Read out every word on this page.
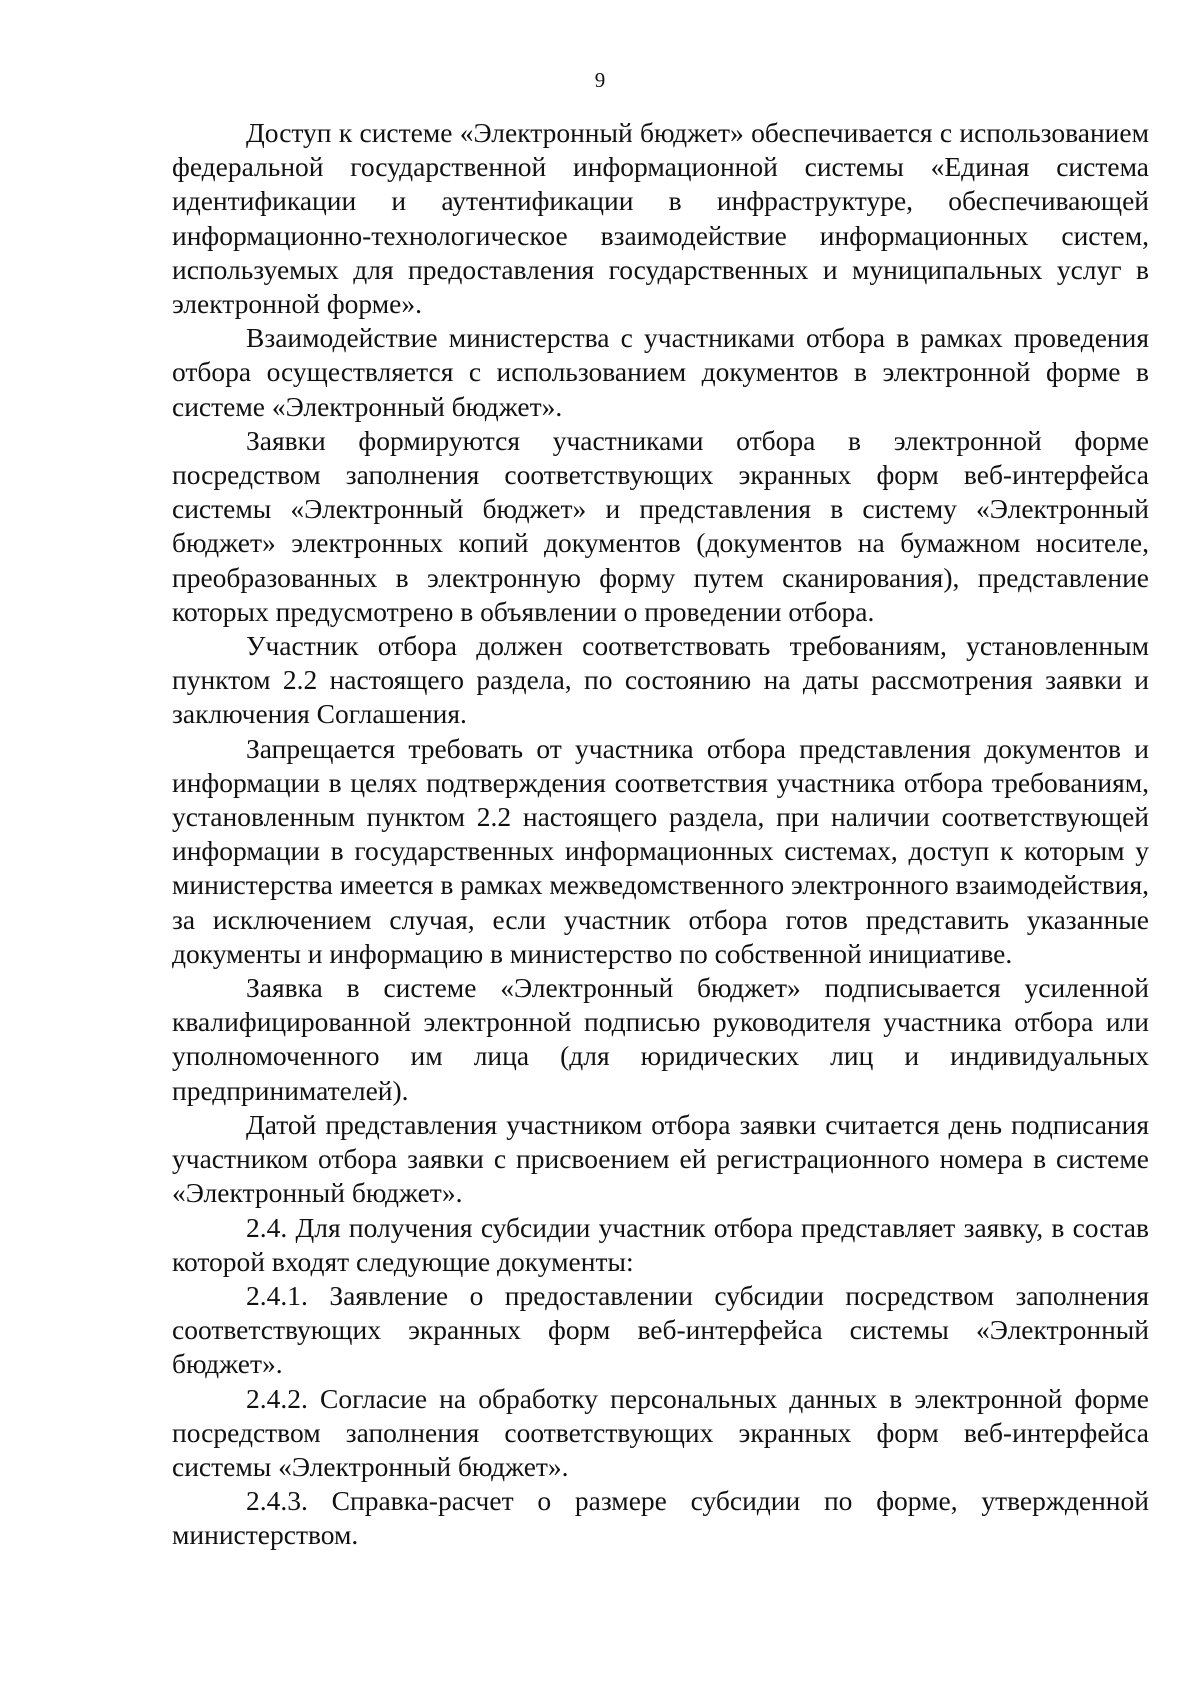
9

Доступ к системе «Электронный бюджет» обеспечивается с использованием федеральной государственной информационной системы «Единая система идентификации и аутентификации в инфраструктуре, обеспечивающей информационно-технологическое взаимодействие информационных систем, используемых для предоставления государственных и муниципальных услуг в электронной форме».

Взаимодействие министерства с участниками отбора в рамках проведения отбора осуществляется с использованием документов в электронной форме в системе «Электронный бюджет».

Заявки формируются участниками отбора в электронной форме посредством заполнения соответствующих экранных форм веб-интерфейса системы «Электронный бюджет» и представления в систему «Электронный бюджет» электронных копий документов (документов на бумажном носителе, преобразованных в электронную форму путем сканирования), представление которых предусмотрено в объявлении о проведении отбора.

Участник отбора должен соответствовать требованиям, установленным пунктом 2.2 настоящего раздела, по состоянию на даты рассмотрения заявки и заключения Соглашения.

Запрещается требовать от участника отбора представления документов и информации в целях подтверждения соответствия участника отбора требованиям, установленным пунктом 2.2 настоящего раздела, при наличии соответствующей информации в государственных информационных системах, доступ к которым у министерства имеется в рамках межведомственного электронного взаимодействия, за исключением случая, если участник отбора готов представить указанные документы и информацию в министерство по собственной инициативе.

Заявка в системе «Электронный бюджет» подписывается усиленной квалифицированной электронной подписью руководителя участника отбора или уполномоченного им лица (для юридических лиц и индивидуальных предпринимателей).

Датой представления участником отбора заявки считается день подписания участником отбора заявки с присвоением ей регистрационного номера в системе «Электронный бюджет».

2.4. Для получения субсидии участник отбора представляет заявку, в состав которой входят следующие документы:

2.4.1. Заявление о предоставлении субсидии посредством заполнения соответствующих экранных форм веб-интерфейса системы «Электронный бюджет».

2.4.2. Согласие на обработку персональных данных в электронной форме посредством заполнения соответствующих экранных форм веб-интерфейса системы «Электронный бюджет».

2.4.3. Справка-расчет о размере субсидии по форме, утвержденной министерством.
